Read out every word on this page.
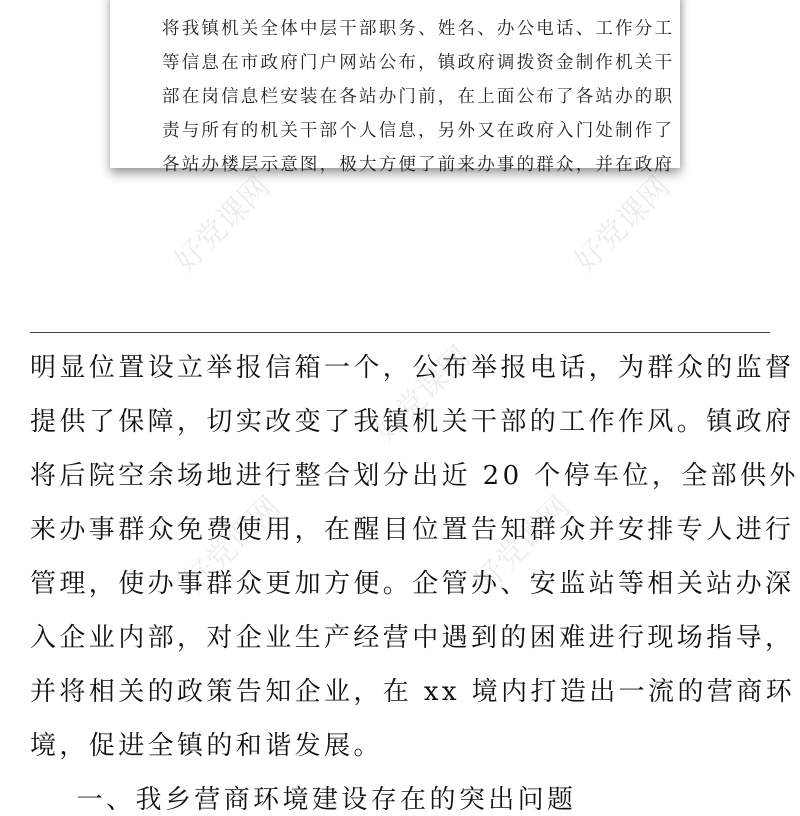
将我镇机关全体中层干部职务、姓名、办公电话、工作分工
等信息在市政府门户网站公布，镇政府调拨资金制作机关干
部在岗信息栏安装在各站办门前，在上面公布了各站办的职
责与所有的机关干部个人信息，另外又在政府入门处制作了
各站办楼层示意图，极大方便了前来办事的群众，并在政府
好党课网	好党课网
好党课网
好党课网	好党课网
明显位置设立举报信箱一个，公布举报电话，为群众的监督
提供了保障，切实改变了我镇机关干部的工作作风。镇政府
将后院空余场地进行整合划分出近 20 个停车位，全部供外
来办事群众免费使用，在醒目位置告知群众并安排专人进行
管理，使办事群众更加方便。企管办、安监站等相关站办深
入企业内部，对企业生产经营中遇到的困难进行现场指导，
并将相关的政策告知企业，在 xx 境内打造出一流的营商环
境，促进全镇的和谐发展。
一、我乡营商环境建设存在的突出问题
